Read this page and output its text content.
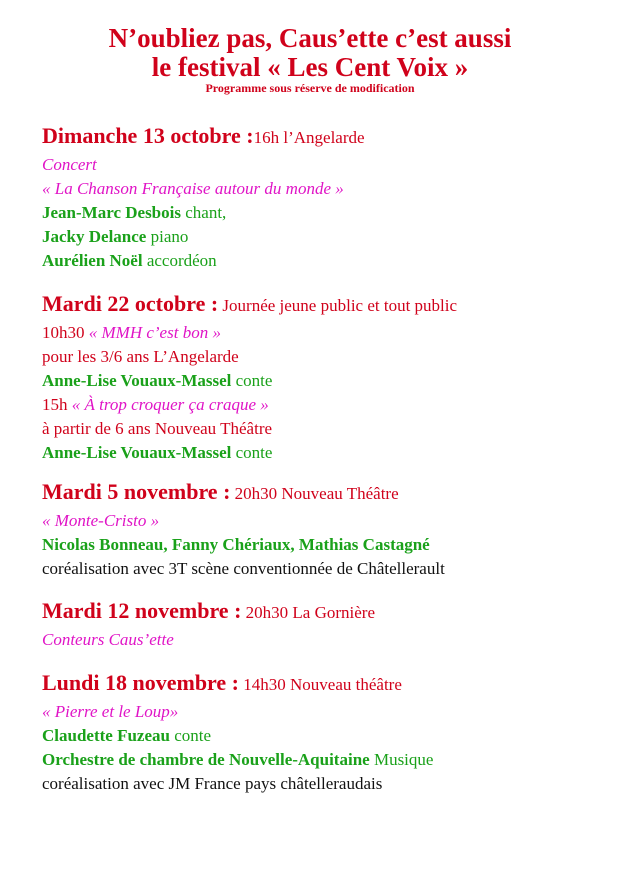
N’oubliez pas, Caus’ette c’est aussi
le festival « Les Cent Voix »
Programme sous réserve de modification
Dimanche 13 octobre :16h l’Angelarde
Concert
« La Chanson Française autour du monde »
Jean-Marc Desbois chant,
Jacky Delance piano
Aurélien Noël accordéon
Mardi 22 octobre : Journée jeune public et tout public
10h30 « MMH c’est bon »
pour les 3/6 ans L’Angelarde
Anne-Lise Vouaux-Massel conte
15h « À trop croquer ça craque »
à partir de 6 ans Nouveau Théâtre
Anne-Lise Vouaux-Massel conte
Mardi 5 novembre : 20h30 Nouveau Théâtre
« Monte-Cristo »
Nicolas Bonneau, Fanny Chériaux, Mathias Castagné
coréalisation avec 3T scène conventionnée de Châtellerault
Mardi 12 novembre : 20h30 La Gornière
Conteurs Caus’ette
Lundi 18 novembre : 14h30 Nouveau théâtre
« Pierre et le Loup»
Claudette Fuzeau conte
Orchestre de chambre de Nouvelle-Aquitaine Musique
coréalisation avec JM France pays châtelleraudais
